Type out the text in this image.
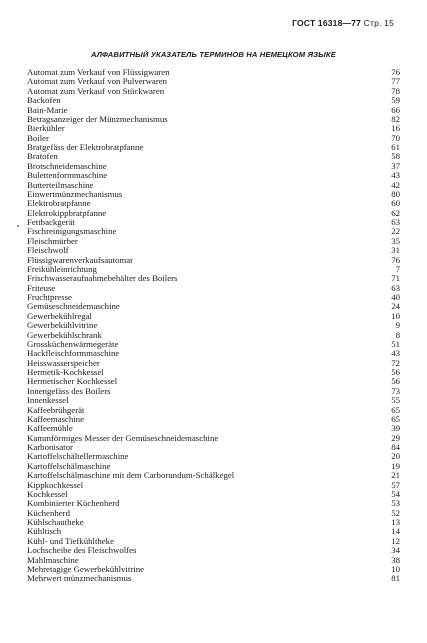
ГОСТ 16318—77 Стр. 15
АЛФАВИТНЫЙ УКАЗАТЕЛЬ ТЕРМИНОВ НА НЕМЕЦКОМ ЯЗЫКЕ
Automat zum Verkauf von Flüssigwaren	76
Automat zum Verkauf von Pulverwaren	77
Automat zum Verkauf von Stückwaren	78
Backofen	59
Bain-Marie	66
Betragsanzeiger der Münzmechanismus	82
Bierkühler	16
Boiler	70
Bratgefäss der Elektrobratpfanne	61
Bratofen	58
Brotschneidemaschine	37
Bulettenformmaschine	43
Butterteilmaschine	42
Einwertmünzmechanismus	80
Elektrobratpfanne	60
Elektrokippbratpfanne	62
Fettbackgerät	63
Fischreinigungsmaschine	22
Fleischmürber	35
Fleischwolf	31
Flüssigwarenverkaufsautomat	76
Freikühleinrichtung	7
Frischwasseraufnahmebehälter des Boilers	71
Friteuse	63
Fruchtpresse	40
Gemüseschneidemaschine	24
Gewerbekühlregal	10
Gewerbekühlvitrine	9
Gewerbekühlschrank	8
Grossküchenwärmegeräte	51
Hackfleischformmaschine	43
Heisswasserspeicher	72
Hermetik-Kochkessel	56
Hermetischer Kochkessel	56
Innengefäss des Boilers	73
Innenkessel	55
Kaffeebrühgerät	65
Kaffeemaschine	65
Kaffeemühle	39
Kammförmiges Messer der Gemüseschneidemaschine	29
Karbonisator	84
Kartoffelschältellermaschine	20
Kartoffelschälmaschine	19
Kartoffelschälmaschine mit dem Carborundum-Schälkegel	21
Kippkochkessel	57
Kochkessel	54
Kombinierter Küchenherd	53
Küchenherd	52
Kühlschautheke	13
Kühltisch	14
Kühl- und Tiefkühltheke	12
Lochscheibe des Fleischwolfes	34
Mahlmaschine	38
Mehretagige Gewerbekühlvitrine	10
Mehrwert münzmechanismus	81
